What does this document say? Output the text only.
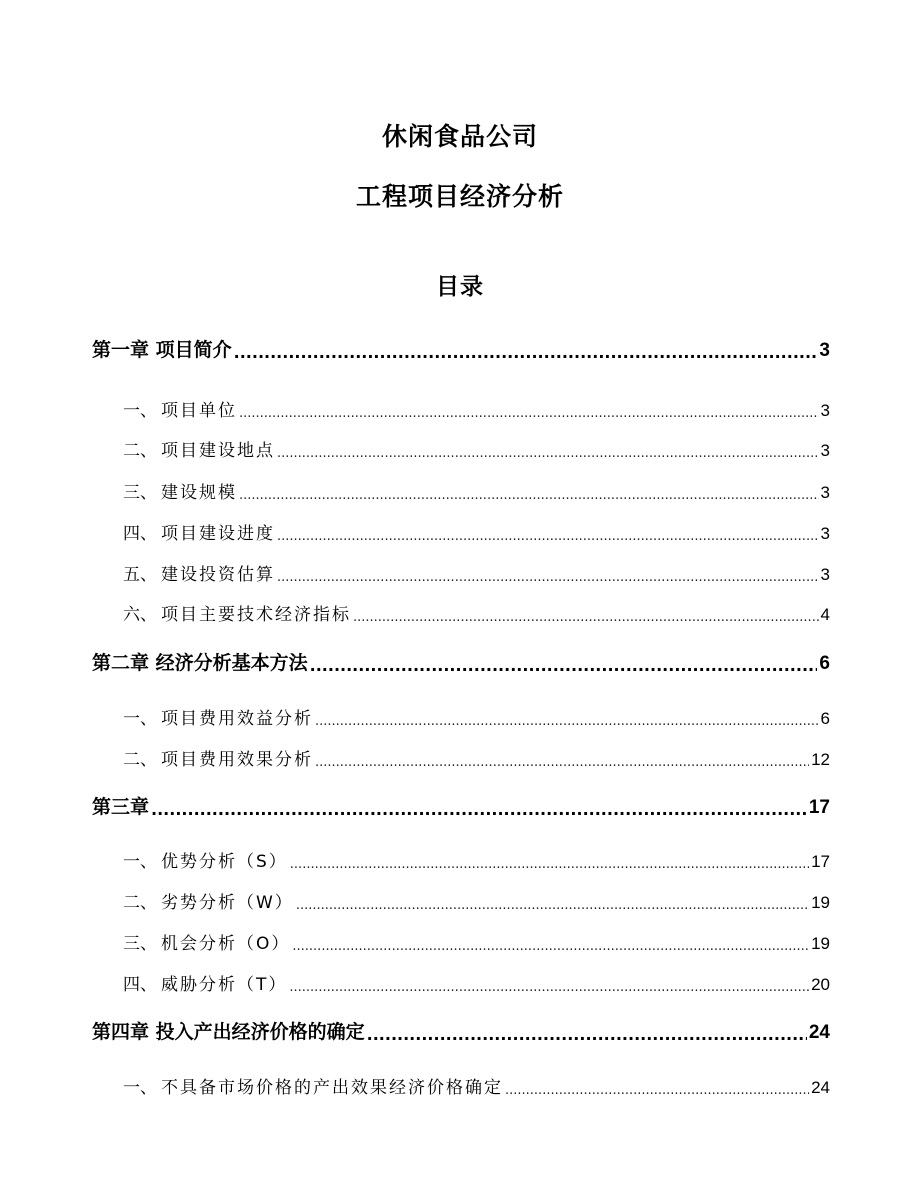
休闲食品公司
工程项目经济分析
目录
第一章 项目简介 .....	3
一、 项目单位 .....	3
二、 项目建设地点 .....	3
三、 建设规模 .....	3
四、 项目建设进度 .....	3
五、 建设投资估算 .....	3
六、 项目主要技术经济指标 .....	4
第二章 经济分析基本方法 .....	6
一、 项目费用效益分析 .....	6
二、 项目费用效果分析 .....	12
第三章 .....	17
一、 优势分析（S） .....	17
二、 劣势分析（W） .....	19
三、 机会分析（O） .....	19
四、 威胁分析（T） .....	20
第四章 投入产出经济价格的确定 .....	24
一、 不具备市场价格的产出效果经济价格确定 .....	24
